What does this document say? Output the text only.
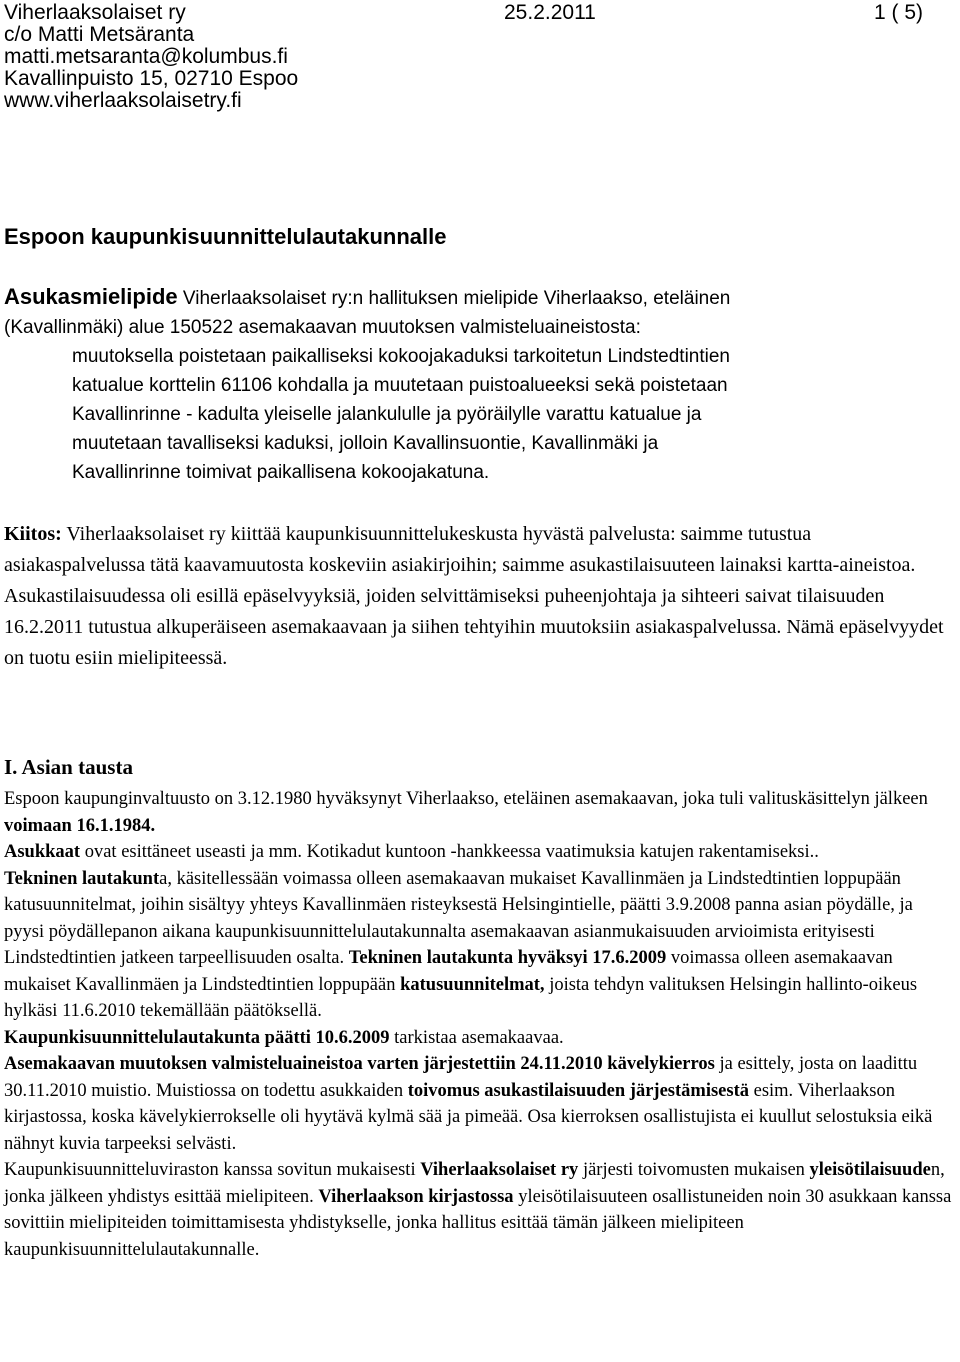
Viherlaaksolaiset ry
c/o Matti Metsäranta
matti.metsaranta@kolumbus.fi
Kavallinpuisto 15, 02710 Espoo
www.viherlaaksolaisetry.fi
25.2.2011	1 ( 5)
Espoon kaupunkisuunnittelulautakunnalle
Asukasmielipide Viherlaaksolaiset ry:n hallituksen mielipide Viherlaakso, eteläinen
(Kavallinmäki) alue 150522 asemakaavan muutoksen valmisteluaineistosta:
muutoksella poistetaan paikalliseksi kokoojakaduksi tarkoitetun Lindstedtintien
katualue korttelin 61106 kohdalla ja muutetaan puistoalueeksi sekä poistetaan
Kavallinrinne - kadulta yleiselle jalankululle ja pyöräilylle varattu katualue ja
muutetaan tavalliseksi kaduksi, jolloin Kavallinsuontie, Kavallinmäki ja
Kavallinrinne toimivat paikallisena kokoojakatuna.
Kiitos: Viherlaaksolaiset ry kiittää kaupunkisuunnittelukeskusta hyvästä palvelusta: saimme tutustua asiakaspalvelussa tätä kaavamuutosta koskeviin asiakirjoihin; saimme asukastilaisuuteen lainaksi kartta-aineistoa. Asukastilaisuudessa oli esillä epäselvyyksiä, joiden selvittämiseksi puheenjohtaja ja sihteeri saivat tilaisuuden 16.2.2011 tutustua alkuperäiseen asemakaavaan ja siihen tehtyihin muutoksiin asiakaspalvelussa. Nämä epäselvyydet on tuotu esiin mielipiteessä.
I. Asian tausta

Espoon kaupunginvaltuusto on 3.12.1980 hyväksynyt Viherlaakso, eteläinen asemakaavan, joka tuli valituskäsittelyn jälkeen voimaan 16.1.1984.

Asukkaat ovat esittäneet useasti ja mm. Kotikadut kuntoon -hankkeessa vaatimuksia katujen rakentamiseksi..

Tekninen lautakunta, käsitellessään voimassa olleen asemakaavan mukaiset Kavallinmäen ja Lindstedtintien loppupään katusuunnitelmat, joihin sisältyy yhteys Kavallinmäen risteyksestä Helsingintielle, päätti 3.9.2008 panna asian pöydälle, ja pyysi pöydällepanon aikana kaupunkisuunnittelulautakunnalta asemakaavan asianmukaisuuden arvioimista erityisesti Lindstedtintien jatkeen tarpeellisuuden osalta. Tekninen lautakunta hyväksyi 17.6.2009 voimassa olleen asemakaavan mukaiset Kavallinmäen ja Lindstedtintien loppupään katusuunnitelmat, joista tehdyn valituksen Helsingin hallinto-oikeus hylkäsi 11.6.2010 tekemällään päätöksellä.

Kaupunkisuunnittelulautakunta päätti 10.6.2009 tarkistaa asemakaavaa.

Asemakaavan muutoksen valmisteluaineistoa varten järjestettiin 24.11.2010 kävelykierros ja esittely, josta on laadittu 30.11.2010 muistio. Muistiossa on todettu asukkaiden toivomus asukastilaisuuden järjestämisestä esim. Viherlaakson kirjastossa, koska kävelykierrokselle oli hyytävä kylmä sää ja pimeää. Osa kierroksen osallistujista ei kuullut selostuksia eikä nähnyt kuvia tarpeeksi selvästi.

Kaupunkisuunnitteluviraston kanssa sovitun mukaisesti Viherlaaksolaiset ry järjesti toivomusten mukaisen yleisötilaisuuden, jonka jälkeen yhdistys esittää mielipiteen. Viherlaakson kirjastossa yleisötilaisuuteen osallistuneiden noin 30 asukkaan kanssa sovittiin mielipiteiden toimittamisesta yhdistykselle, jonka hallitus esittää tämän jälkeen mielipiteen kaupunkisuunnittelulautakunnalle.
